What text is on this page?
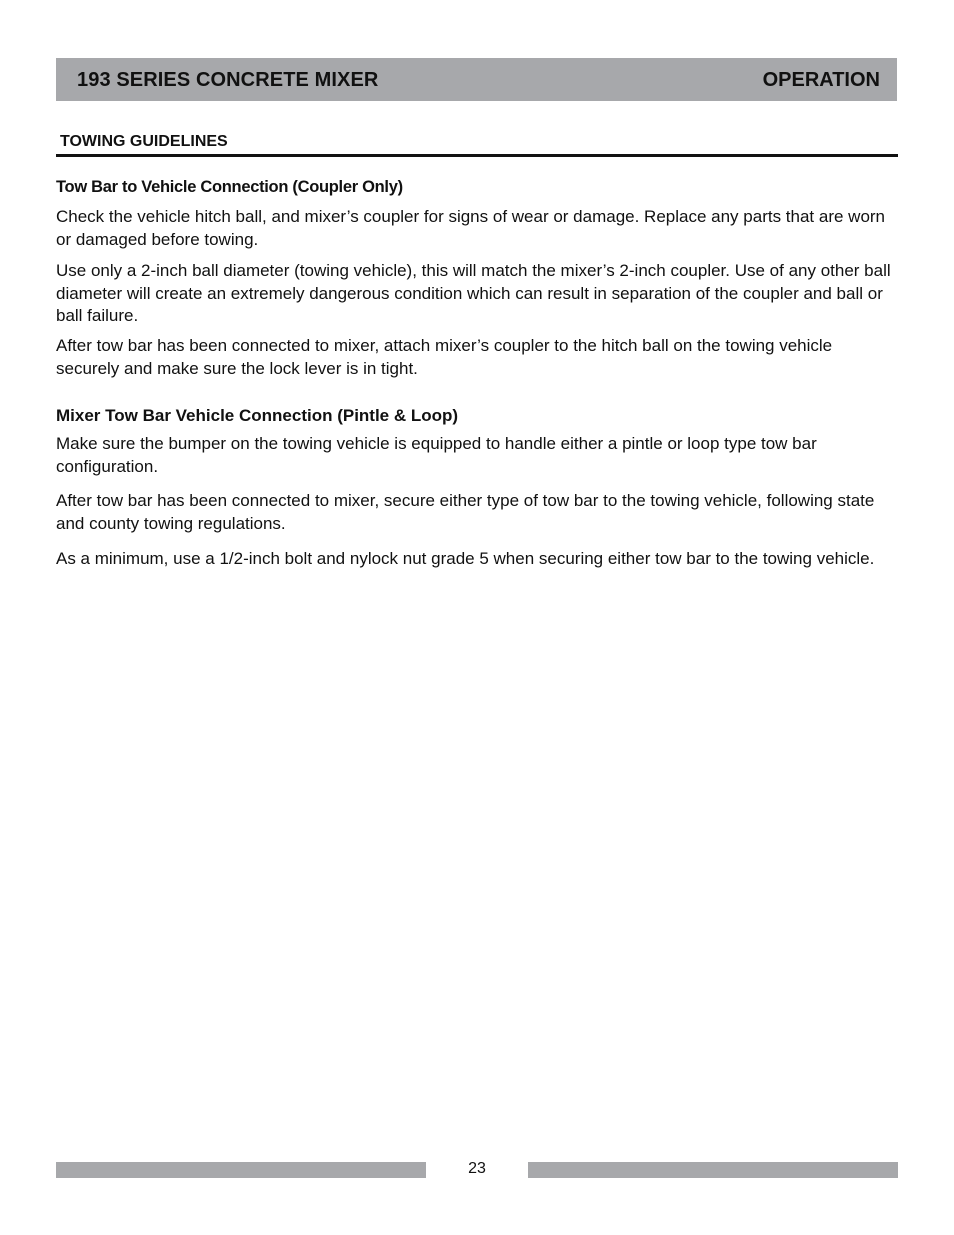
193 SERIES CONCRETE MIXER	OPERATION
TOWING GUIDELINES
Tow Bar to Vehicle Connection (Coupler Only)
Check the vehicle hitch ball, and mixer’s coupler for signs of wear or damage. Replace any parts that are worn or damaged before towing.
Use only a 2-inch ball diameter (towing vehicle), this will match the mixer’s 2-inch coupler. Use of any other ball diameter will create an extremely dangerous condition which can result in separation of the coupler and ball or ball failure.
After tow bar has been connected to mixer, attach mixer’s coupler to the hitch ball on the towing vehicle securely and make sure the lock lever is in tight.
Mixer Tow Bar Vehicle Connection (Pintle & Loop)
Make sure the bumper on the towing vehicle is equipped to handle either a pintle or loop type tow bar configuration.
After tow bar has been connected to mixer, secure either type of tow bar to the towing vehicle, following state and county towing regulations.
As a minimum, use a 1/2-inch bolt and nylock nut grade 5 when securing either tow bar to the towing vehicle.
23
